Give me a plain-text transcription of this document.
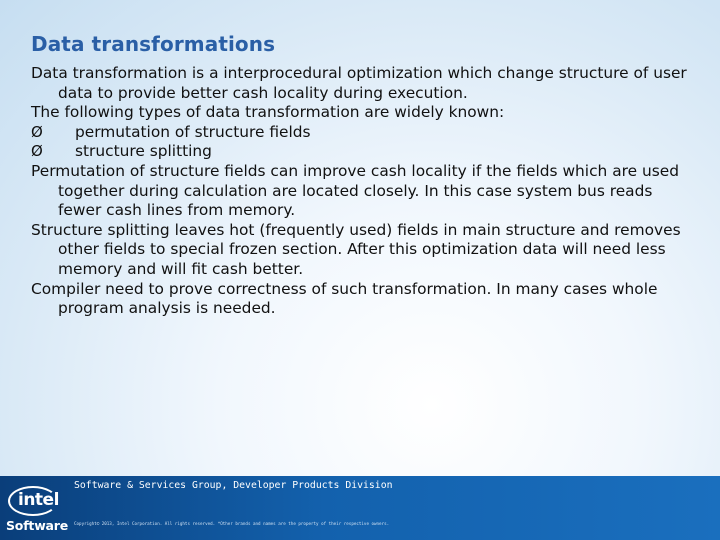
Data transformations

Data transformation is a interprocedural optimization which change structure of user data to provide better cash locality during execution.

The following types of data transformation are widely known:

Ø	permutation of structure fields
Ø	structure splitting

Permutation of structure fields can improve cash locality if the fields which are used together during calculation are located closely. In this case system bus reads fewer cash lines from memory.

Structure splitting leaves hot (frequently used) fields in main structure and removes other fields to special frozen section. After this optimization data will need less memory and will fit cash better.

Compiler need to prove correctness of such transformation. In many cases whole program analysis is needed.

intel
Software
Software & Services Group, Developer Products Division
Copyright© 2013, Intel Corporation. All rights reserved. *Other brands and names are the property of their respective owners.
